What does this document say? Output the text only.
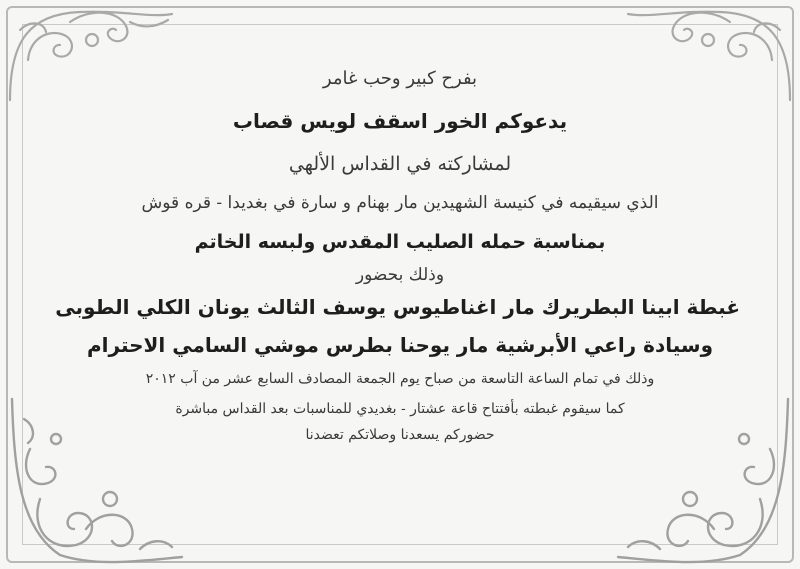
بفرح كبير وحب غامر

يدعوكم الخور اسقف لويس قصاب

لمشاركته في القداس الألهي

الذي سيقيمه في كنيسة الشهيدين مار بهنام و سارة في بغديدا - قره قوش

بمناسبة حمله الصليب المقدس ولبسه الخاتم

وذلك بحضور

غبطة ابينا البطريرك مار اغناطيوس يوسف الثالث يونان الكلي الطوبى

وسيادة راعي الأبرشية مار يوحنا بطرس موشي السامي الاحترام

وذلك في تمام الساعة التاسعة من صباح يوم الجمعة المصادف السابع عشر من آب ٢٠١٢

كما سيقوم غبطته بأفتتاح قاعة عشتار - بغديدي للمناسبات بعد القداس مباشرة

حضوركم يسعدنا وصلاتكم تعضدنا
